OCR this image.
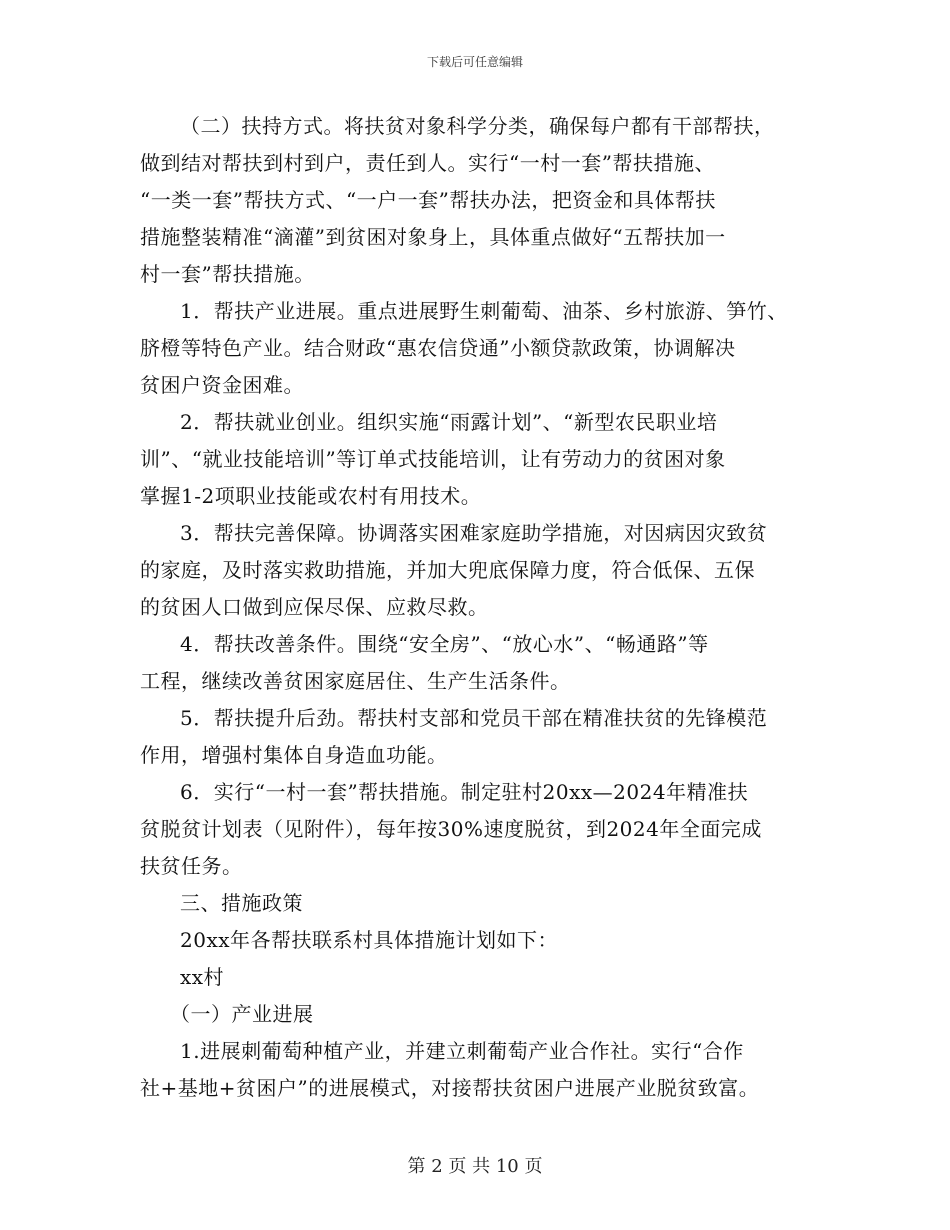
下载后可任意编辑
（二）扶持方式。将扶贫对象科学分类，确保每户都有干部帮扶，
做到结对帮扶到村到户，责任到人。实行“一村一套”帮扶措施、
“一类一套”帮扶方式、“一户一套”帮扶办法，把资金和具体帮扶
措施整装精准“滴灌”到贫困对象身上，具体重点做好“五帮扶加一
村一套”帮扶措施。
1．帮扶产业进展。重点进展野生刺葡萄、油茶、乡村旅游、笋竹、
脐橙等特色产业。结合财政“惠农信贷通”小额贷款政策，协调解决
贫困户资金困难。
2．帮扶就业创业。组织实施“雨露计划”、“新型农民职业培
训”、“就业技能培训”等订单式技能培训，让有劳动力的贫困对象
掌握1-2项职业技能或农村有用技术。
3．帮扶完善保障。协调落实困难家庭助学措施，对因病因灾致贫
的家庭，及时落实救助措施，并加大兜底保障力度，符合低保、五保
的贫困人口做到应保尽保、应救尽救。
4．帮扶改善条件。围绕“安全房”、“放心水”、“畅通路”等
工程，继续改善贫困家庭居住、生产生活条件。
5．帮扶提升后劲。帮扶村支部和党员干部在精准扶贫的先锋模范
作用，增强村集体自身造血功能。
6．实行“一村一套”帮扶措施。制定驻村20xx—2024年精准扶
贫脱贫计划表（见附件），每年按30%速度脱贫，到2024年全面完成
扶贫任务。
三、措施政策
20xx年各帮扶联系村具体措施计划如下：
xx村
（一）产业进展
1.进展刺葡萄种植产业，并建立刺葡萄产业合作社。实行“合作
社+基地+贫困户”的进展模式，对接帮扶贫困户进展产业脱贫致富。
第 2 页 共 10 页
